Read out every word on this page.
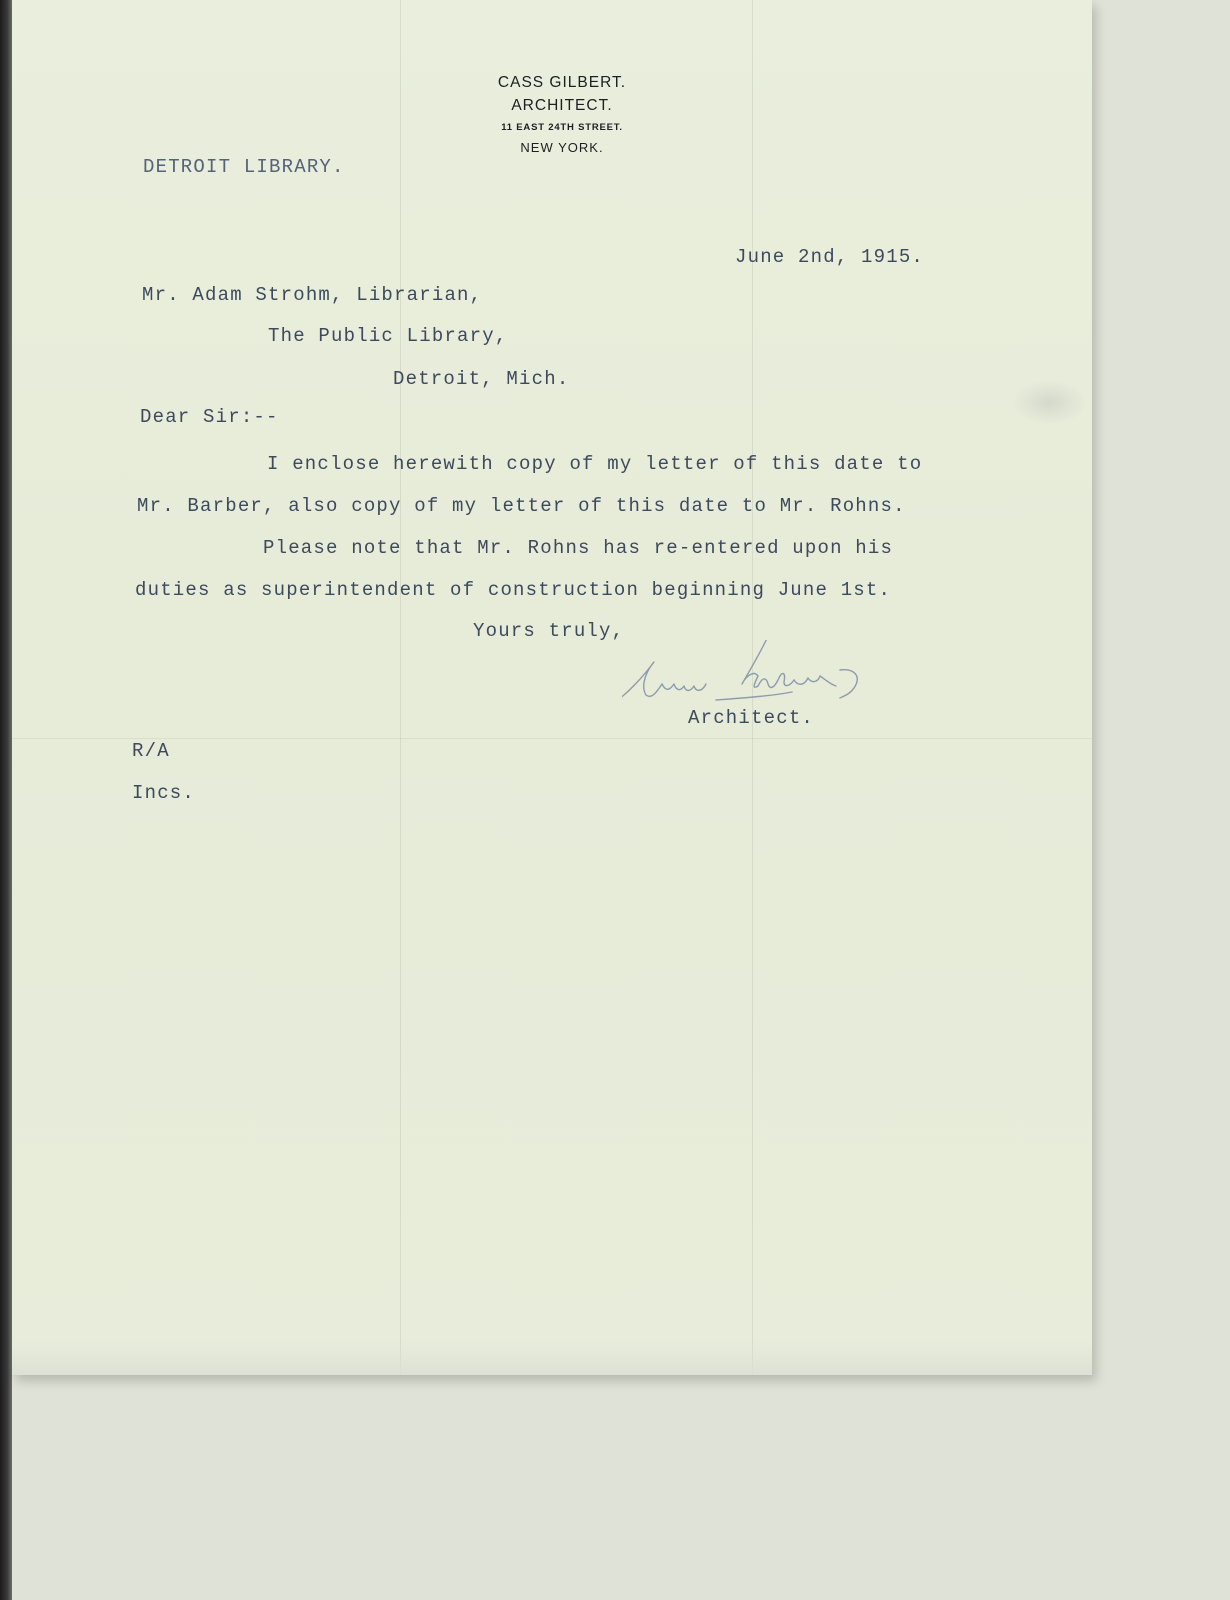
CASS GILBERT.
ARCHITECT.
11 EAST 24TH STREET.
NEW YORK.
DETROIT LIBRARY.
June 2nd, 1915.
Mr. Adam Strohm, Librarian,
The Public Library,
Detroit, Mich.
Dear Sir:--
I enclose herewith copy of my letter of this date to
Mr. Barber, also copy of my letter of this date to Mr. Rohns.
Please note that Mr. Rohns has re-entered upon his
duties as superintendent of construction beginning June 1st.
Yours truly,
Architect.
R/A
Incs.
